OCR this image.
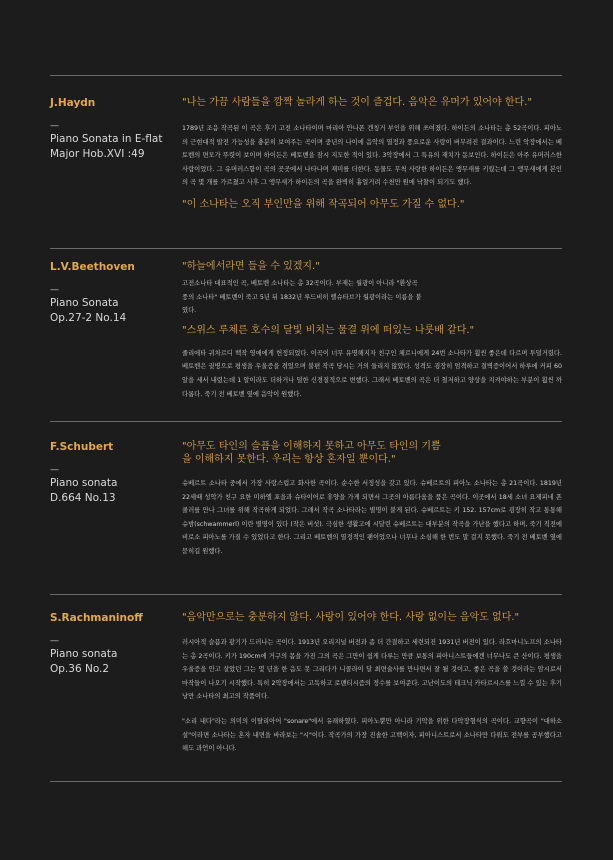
J.Haydn

—
Piano Sonata in E-flat
Major Hob.XVI :49

"나는 가끔 사람들을 깜짝 놀라게 하는 것이 즐겁다. 음악은 유머가 있어야 한다."

1789년 조음 작곡된 이 곡은 후기 고전 소나타이며 마리아 안나폰 겐칭거 부인을 위해 쓰여졌다. 하이든의 소나타는 총 52곡이다. 피아노의 근현대적 발전 가능성을 충분히 보여주는 곡이며 중년의 나이에 음악의 열정과 풍요로운 사랑이 버무려진 결과이다. 느린 악장에서는 베토벤의 면모가 뚜렷이 보이며 하이든은 베토벤을 잠시 지도한 적이 있다. 3악장에서 그 특유의 재치가 돋보인다. 하이든은 아주 유머러스한 사람이었다. 그 유머러스함이 곡의 곳곳에서 나타나며 재미를 더한다. 동물도 무척 사랑한 하이든은 앵무새를 키웠는데 그 앵무새에게 본인의 곡 몇 개를 가르쳤고 사후 그 앵무새가 하이든의 곡을 완벽히 흉얼거려 수천만 원에 낙찰이 되기도 했다.

"이 소나타는 오직 부인만을 위해 작곡되어 아무도 가질 수 없다."

L.V.Beethoven

—
Piano Sonata
Op.27-2 No.14

"하늘에서라면 들을 수 있겠지."

고전소나타 대표적인 곡, 베토벤 소나타는 총 32곡이다. 부제는 월광이 아니라 "환상곡 풍의 소나타" 베토벤이 죽고 5년 뒤 1832년 루드비히 렐슈타브가 월광이라는 이름을 붙였다.

"스위스 루체른 호수의 달빛 비치는 물결 위에 떠있는 나룻배 같다."

줄리에타 귀차르디 백작 영애에게 헌정되었다. 이곡이 너무 유명해지자 친구인 체르니에게 24번 소나타가 훨씬 좋은데 다르며 투덜거렸다. 베토벤은 귓병으로 평생을 우울증을 겪었으며 불편 작곡 당시는 거의 들리지 않았다. 성격도 굉장히 엄격하고 결벽증이어서 하루에 커피 60알을 세서 내렸는데 1 알이라도 더하거나 덜한 신경질적으로 변했다. 그래서 베토벤의 곡은 더 철저하고 양상을 지켜야하는 부분이 훨씬 까다롭다. 죽기 전 베토벤 옆에 음악이 원했다.

F.Schubert

—
Piano sonata
D.664 No.13

"아무도 타인의 슬픔을 이해하지 못하고 아무도 타인의 기쁨을 이해하지 못한다. 우리는 항상 혼자일 뿐이다."

슈베르트 소나타 중에서 가장 사랑스럽고 화사한 곡이다. 순수한 서정성을 갖고 있다. 슈베르트의 피아노 소나타는 총 21곡이다. 1819년 22세때 성악가 친구 요한 미하엘 포을과 슈타이어로 휴양을 가게 되면서 그곳의 아름다움을 품은 곡이다. 이곳에서 18세 소녀 요제피네 폰 쿨러를 만나 그녀를 위해 작곡하게 되었다. 그래서 작곡 소나타라는 별명이 붙게 된다. 슈베르트는 키 152. 157cm로 굉장히 작고 통통해 슈밤(schwammerl) 이란 별명이 있다 (작은 버섯). 극심한 생활고에 시달린 슈베르트는 대부분의 작곡을 가난을 했다고 하며, 죽기 직전에 비로소 피아노를 가질 수 있었다고 한다. 그리고 베토벤의 열정적인 팬이었으나 너무나 소심해 한 번도 말 걸지 못했다. 죽기 전 베토벤 옆에 묻히길 원했다.

S.Rachmaninoff

—
Piano sonata
Op.36 No.2

"음악만으로는 충분하지 않다. 사랑이 있어야 한다. 사랑 없이는 음악도 없다."

러시아적 슬픔과 광기가 드러나는 곡이다. 1913년 오리지널 버전과 좀 더 간결하고 세련되진 1931년 버전이 있다. 라흐마니노프의 소나타는 총 2곡이다. 키가 190cm에 거구의 몸을 가진 그의 곡은 그만이 쉽게 다루는 만큼 보통의 피아니스트들에겐 너무나도 큰 산이다. 평생을 우울증을 안고 살았던 그는 몇 년을 한 음도 못 그리다가 니콜라이 달 최면술사를 만나면서 잘 될 것이고, 좋은 곡을 쓸 것이라는 암시로서 마작들이 나오기 시작했다. 특히 2악장에서는 고독하고 로맨티시즘의 정수를 보여준다. 고난이도의 테크닉 카타르시스를 느낄 수 있는 후기 낭만 소나타의 최고의 작품이다.

"소리 내다"라는 의미의 이탈리아어 "sonare"에서 유래하였다. 피아노뿐만 아니라 기악을 위한 다악장형식의 곡이다. 교향곡이 "대하소설"이라면 소나타는 혼자 내면을 바라보는 "시"이다. 작곡가의 가장 진솔한 고백이자, 피아니스트로서 소나타만 다뤄도 전부를 공부했다고 해도 과언이 아니다.
